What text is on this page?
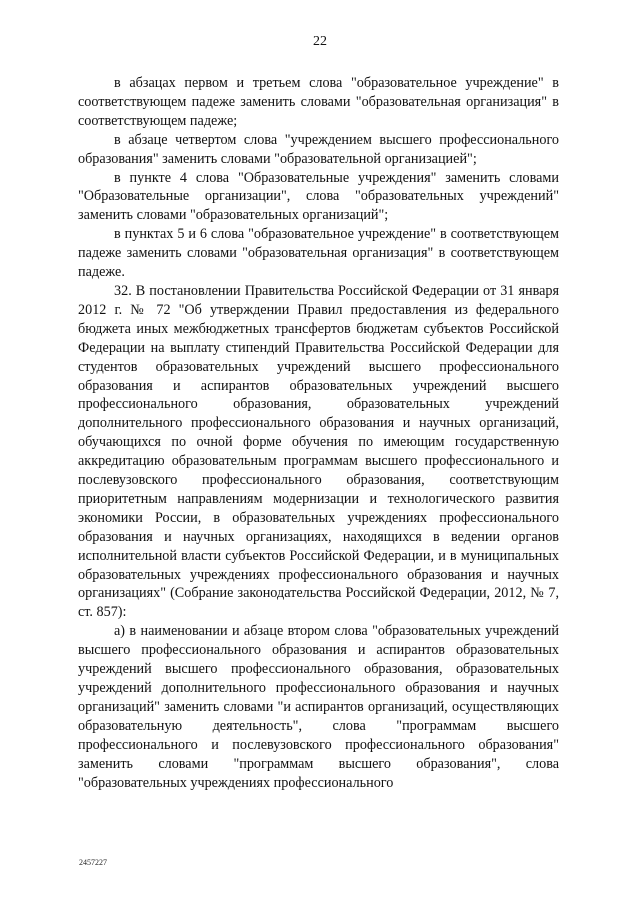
22

в абзацах первом и третьем слова "образовательное учреждение" в соответствующем падеже заменить словами "образовательная организация" в соответствующем падеже;

в абзаце четвертом слова "учреждением высшего профессионального образования" заменить словами "образовательной организацией";

в пункте 4 слова "Образовательные учреждения" заменить словами "Образовательные организации", слова "образовательных учреждений" заменить словами "образовательных организаций";

в пунктах 5 и 6 слова "образовательное учреждение" в соответствующем падеже заменить словами "образовательная организация" в соответствующем падеже.

32. В постановлении Правительства Российской Федерации от 31 января 2012 г. № 72 "Об утверждении Правил предоставления из федерального бюджета иных межбюджетных трансфертов бюджетам субъектов Российской Федерации на выплату стипендий Правительства Российской Федерации для студентов образовательных учреждений высшего профессионального образования и аспирантов образовательных учреждений высшего профессионального образования, образовательных учреждений дополнительного профессионального образования и научных организаций, обучающихся по очной форме обучения по имеющим государственную аккредитацию образовательным программам высшего профессионального и послевузовского профессионального образования, соответствующим приоритетным направлениям модернизации и технологического развития экономики России, в образовательных учреждениях профессионального образования и научных организациях, находящихся в ведении органов исполнительной власти субъектов Российской Федерации, и в муниципальных образовательных учреждениях профессионального образования и научных организациях" (Собрание законодательства Российской Федерации, 2012, № 7, ст. 857):

а) в наименовании и абзаце втором слова "образовательных учреждений высшего профессионального образования и аспирантов образовательных учреждений высшего профессионального образования, образовательных учреждений дополнительного профессионального образования и научных организаций" заменить словами "и аспирантов организаций, осуществляющих образовательную деятельность", слова "программам высшего профессионального и послевузовского профессионального образования" заменить словами "программам высшего образования", слова "образовательных учреждениях профессионального

2457227
